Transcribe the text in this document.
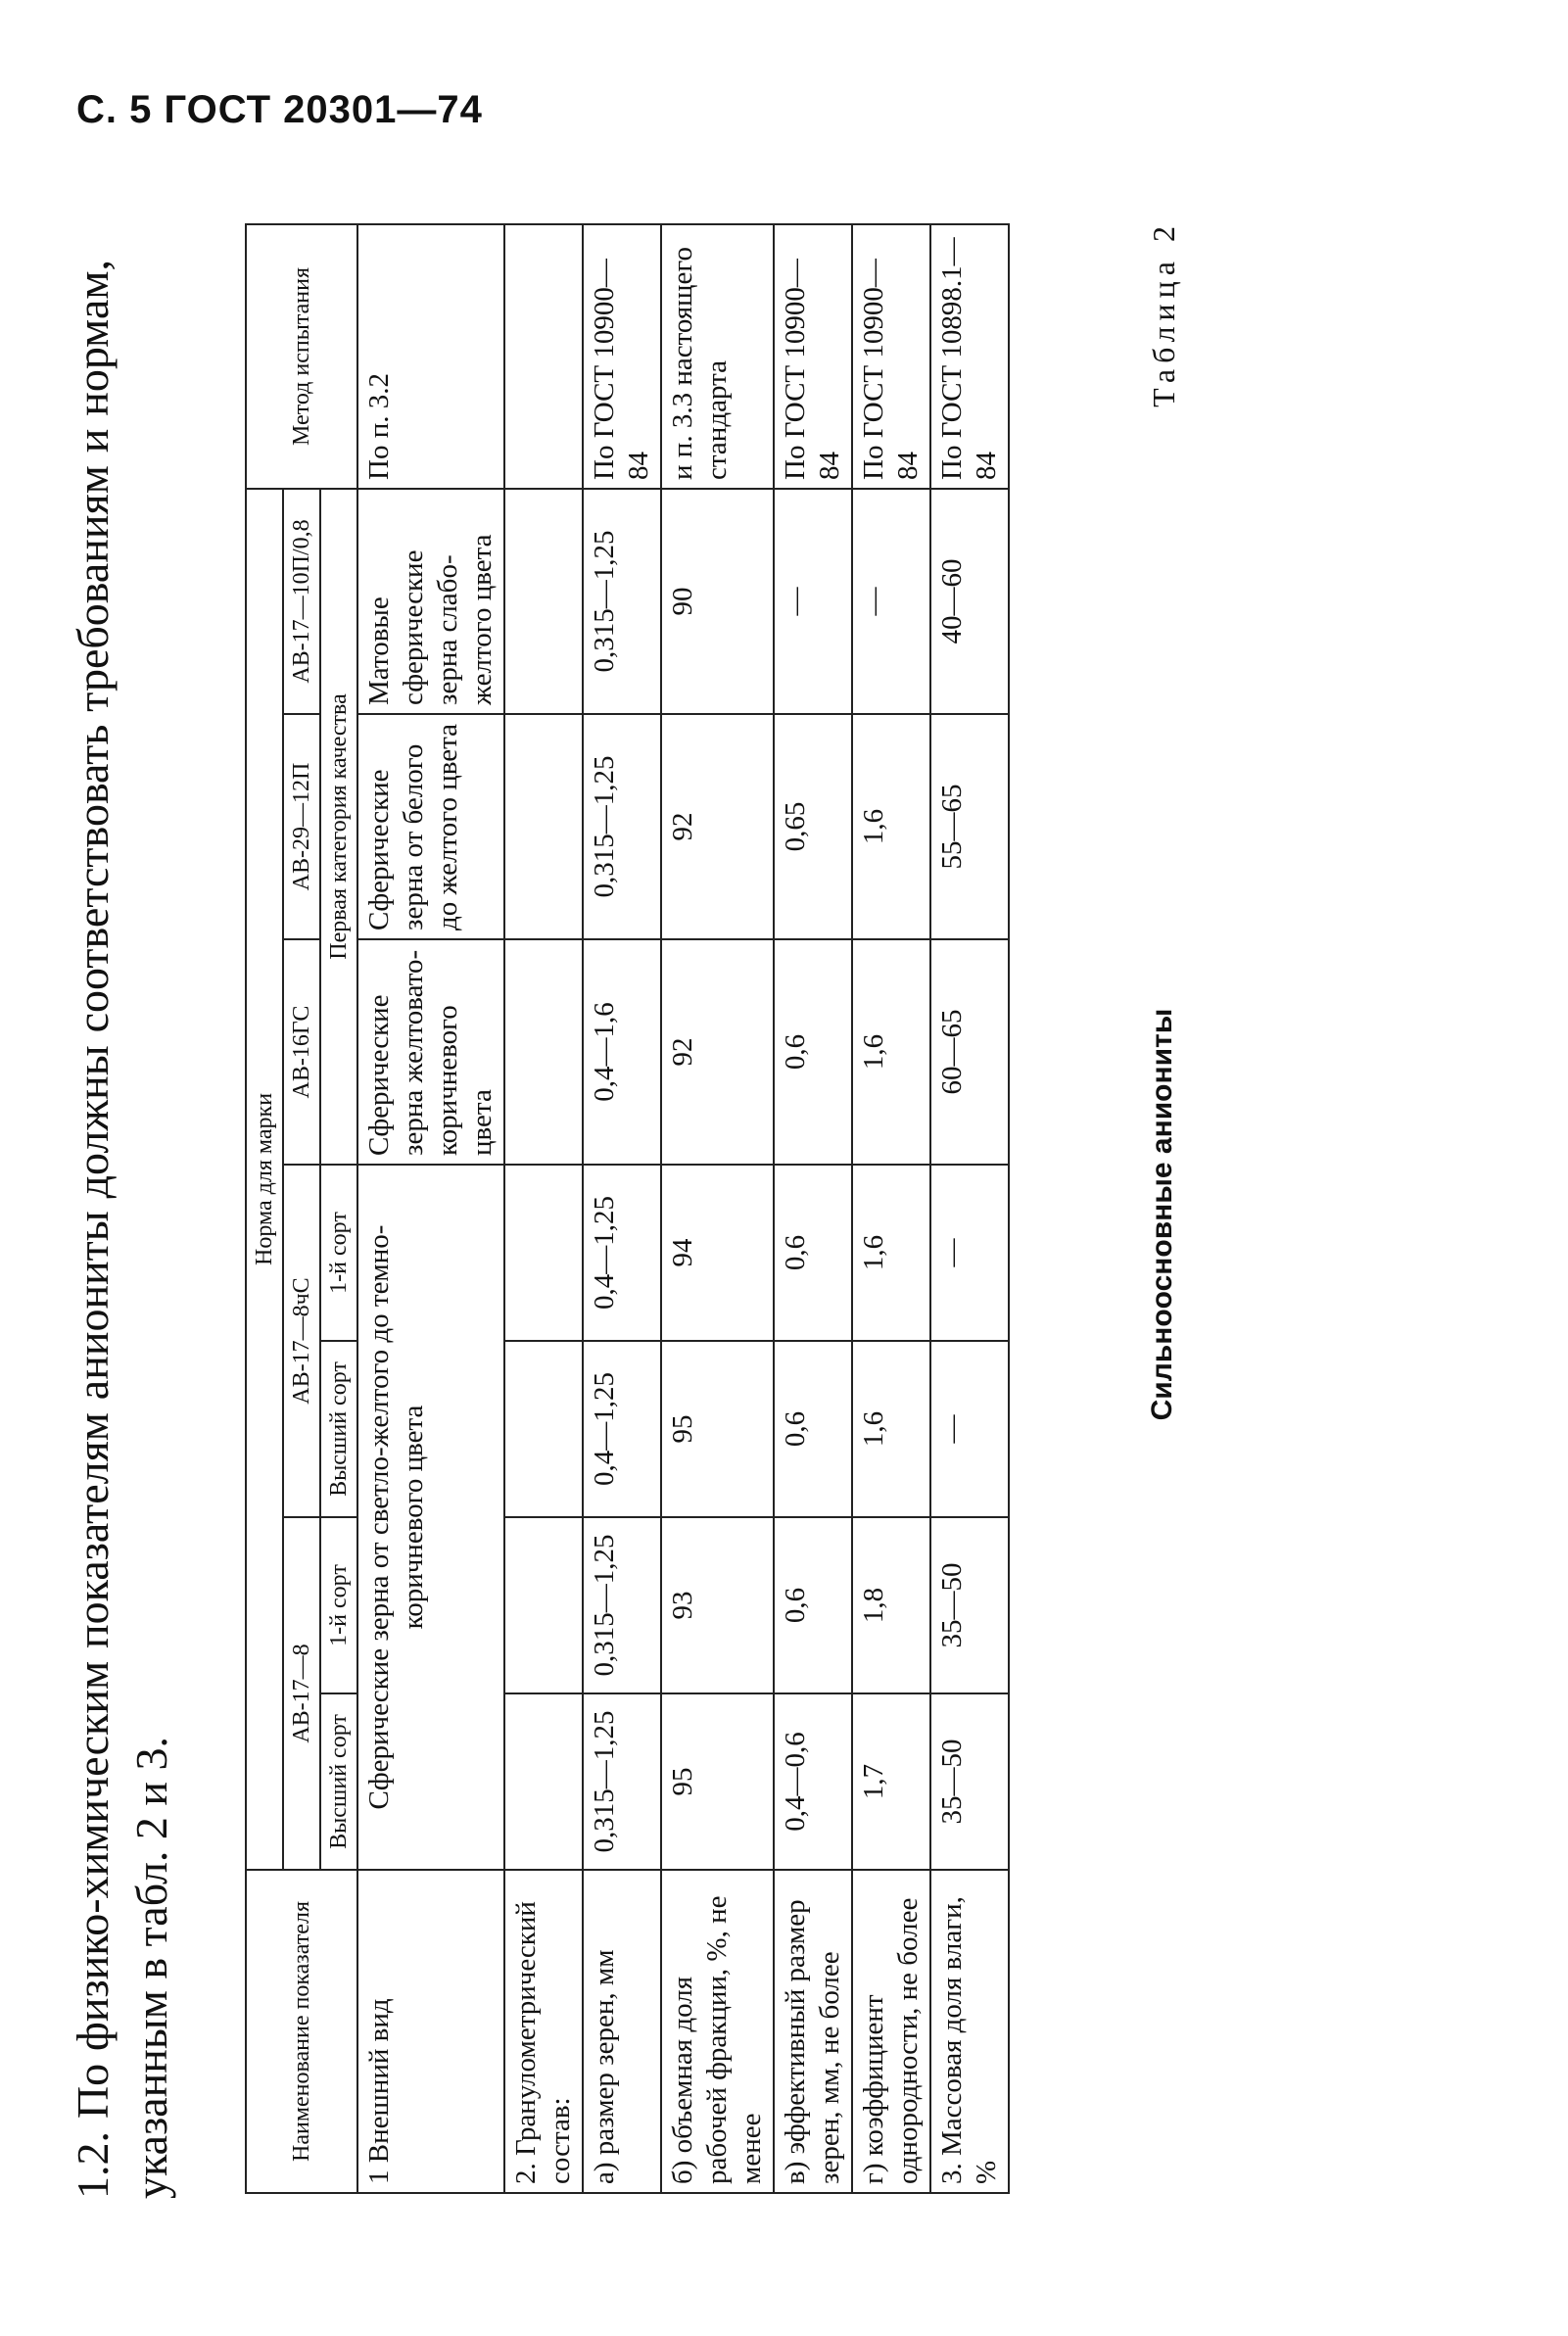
С. 5 ГОСТ 20301—74
1.2. По физико-химическим показателям аниониты должны соответствовать требованиям и нормам, указанным в табл. 2 и 3.
Таблица 2
Сильноосновные аниониты
Наименование показателя	Норма для марки							Метод испытания
	АВ-17—8		АВ-17—8чС		АВ-16ГС	АВ-29—12П	АВ-17—10П/0,8	
	Высший сорт	1-й сорт	Высший сорт	1-й сорт	Первая категория качества			
1 Внешний вид	Сферические зерна от светло-желтого до темно-коричневого цвета				Сферические зерна желтовато-коричневого цвета	Сферические зерна от белого до желтого цвета	Матовые сферические зерна слабо-желтого цвета	По п. 3.2
2. Гранулометрический состав:								
а) размер зерен, мм	0,315—1,25	0,315—1,25	0,4—1,25	0,4—1,25	0,4—1,6	0,315—1,25	0,315—1,25	По ГОСТ 10900—84
б) объемная доля рабочей фракции, %, не менее	95	93	95	94	92	92	90	и п. 3.3 настоящего стандарта
в) эффективный размер зерен, мм, не более	0,4—0,6	0,6	0,6	0,6	0,6	0,65	—	По ГОСТ 10900—84
г) коэффициент однородности, не более	1,7	1,8	1,6	1,6	1,6	1,6	—	По ГОСТ 10900—84
3. Массовая доля влаги, %	35—50	35—50	—	—	60—65	55—65	40—60	По ГОСТ 10898.1—84
